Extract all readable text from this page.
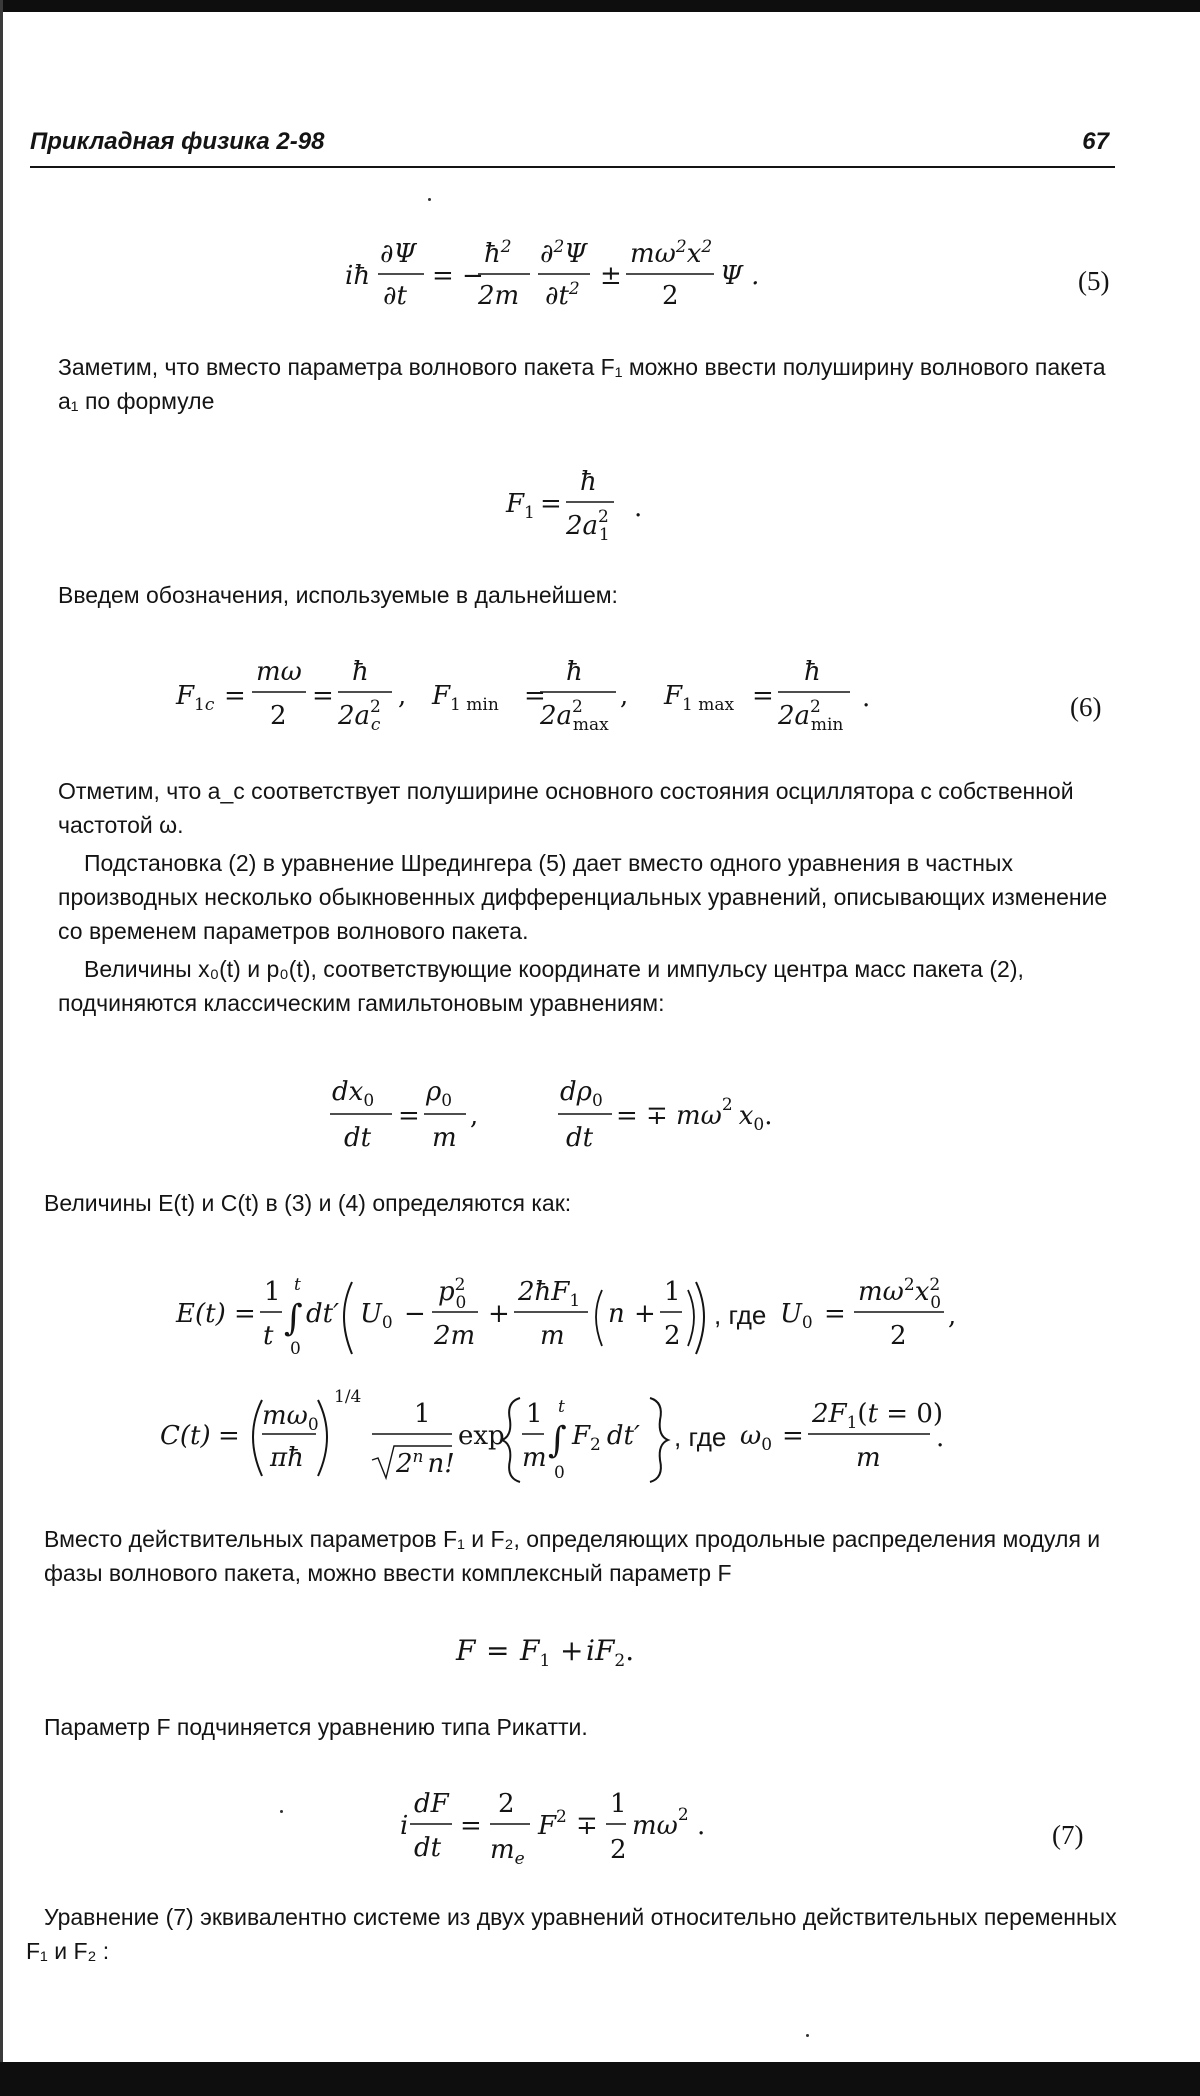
Прикладная физика 2-98	67
iħ
∂Ψ
∂t
= −
$ħ^2$
2m
∂$^2$Ψ
$\partial t^2$ ±
$m\omega^2x^2$
2
Ψ .	(5)

Заметим, что вместо параметра волнового пакета F₁ можно ввести полуширину волнового пакета a₁ по формуле

$F_1$ =
ħ
$2a^2$ 1
.

Введем обозначения, используемые в дальнейшем:

$F_1c$ =
mω
2
=
ħ
$2a^2$ c
, $F_{1 min}$ =
ħ
$2a^2$ max
, $F_{1 max}$ =
ħ
$2a^2$ min
.	(6)

Отметим, что a_c соответствует полуширине основного состояния осциллятора с собственной частотой ω.

Подстановка (2) в уравнение Шредингера (5) дает вместо одного уравнения в частных производных несколько обыкновенных дифференциальных уравнений, описывающих изменение со временем параметров волнового пакета.

Величины x₀(t) и p₀(t), соответствующие координате и импульсу центра масс пакета (2), подчиняются классическим гамильтоновым уравнениям:

$dx_0$
dt
=
$\rho_0$
m
,
$d\rho_0$
dt
= ∓ $m\omega^2$ $x_0$.

Величины E(t) и C(t) в (3) и (4) определяются как:

E(t) =
1
t ∫
t
0
dt′ $U_0$ −
$p^2$ 0
2m
+
$2ħF_1$
m
n +
1
2
, где $U_0$ =
$m\omega^2x^2$ 0
2
,
C(t) =
$m\omega_0$
πħ
1/4
1
2$^n$ n!
exp
1
m ∫
t
0
$F_2$ dt′ , где $\omega_0$ =
$2F_1(t = 0)$
m
.

Вместо действительных параметров F₁ и F₂, определяющих продольные распределения модуля и фазы волнового пакета, можно ввести комплексный параметр F

$F = F_1 + iF_2$.

Параметр F подчиняется уравнению типа Рикатти.

i
dF
dt
=
2
$m_e$
$F^2$ ∓
1
2
$m\omega^2$ .	(7)

Уравнение (7) эквивалентно системе из двух уравнений относительно действительных переменных F₁ и F₂ :
